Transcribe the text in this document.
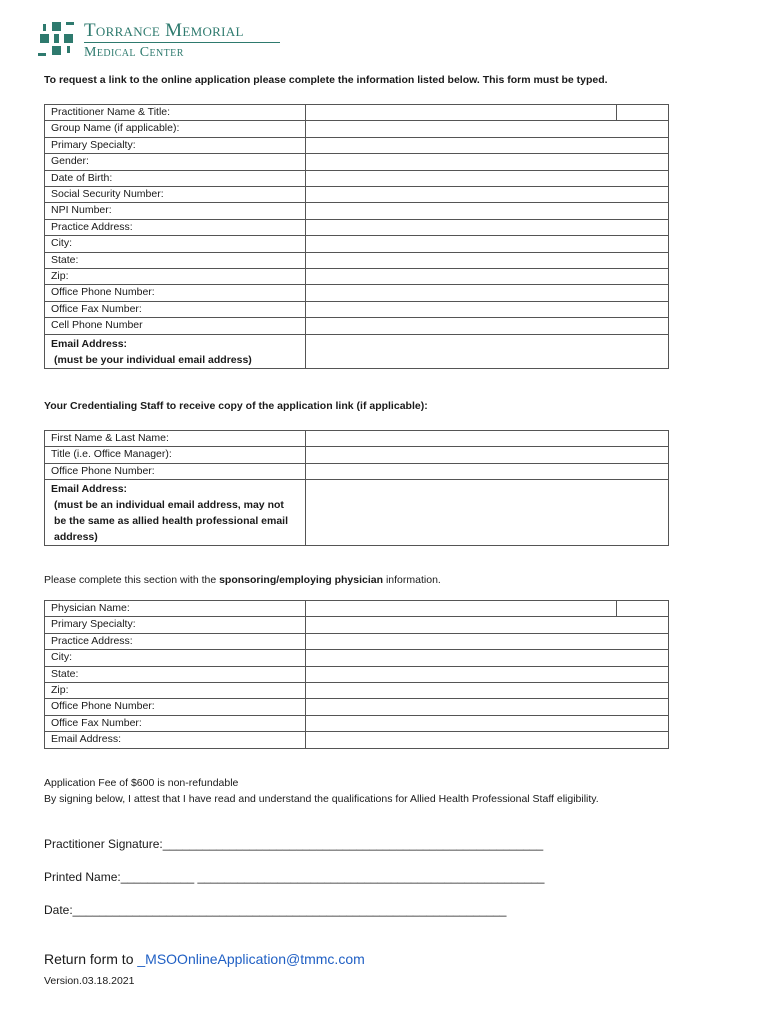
Torrance Memorial
Medical Center
To request a link to the online application please complete the information listed below. This form must be typed.
Practitioner Name & Title:		
Group Name (if applicable):		
Primary Specialty:		
Gender:		
Date of Birth:		
Social Security Number:		
NPI Number:		
Practice Address:		
City:		
State:		
Zip:		
Office Phone Number:		
Office Fax Number:		
Cell Phone Number		

Email Address:
(must be your individual email address)		

Your Credentialing Staff to receive copy of the application link (if applicable):
First Name & Last Name:	
Title (i.e. Office Manager):	
Office Phone Number:	

Email Address:
(must be an individual email address, may not be the same as allied health professional email address)	

Please complete this section with the sponsoring/employing physician information.
Physician Name:		
Primary Specialty:		
Practice Address:		
City:		
State:		
Zip:		
Office Phone Number:		
Office Fax Number:		
Email Address:		
Application Fee of $600 is non-refundable
By signing below, I attest that I have read and understand the qualifications for Allied Health Professional Staff eligibility.
Practitioner Signature:_________________________________________________________
Printed Name:___________ ____________________________________________________
Date:_________________________________________________________________
Return form to _MSOOnlineApplication@tmmc.com
Version.03.18.2021
